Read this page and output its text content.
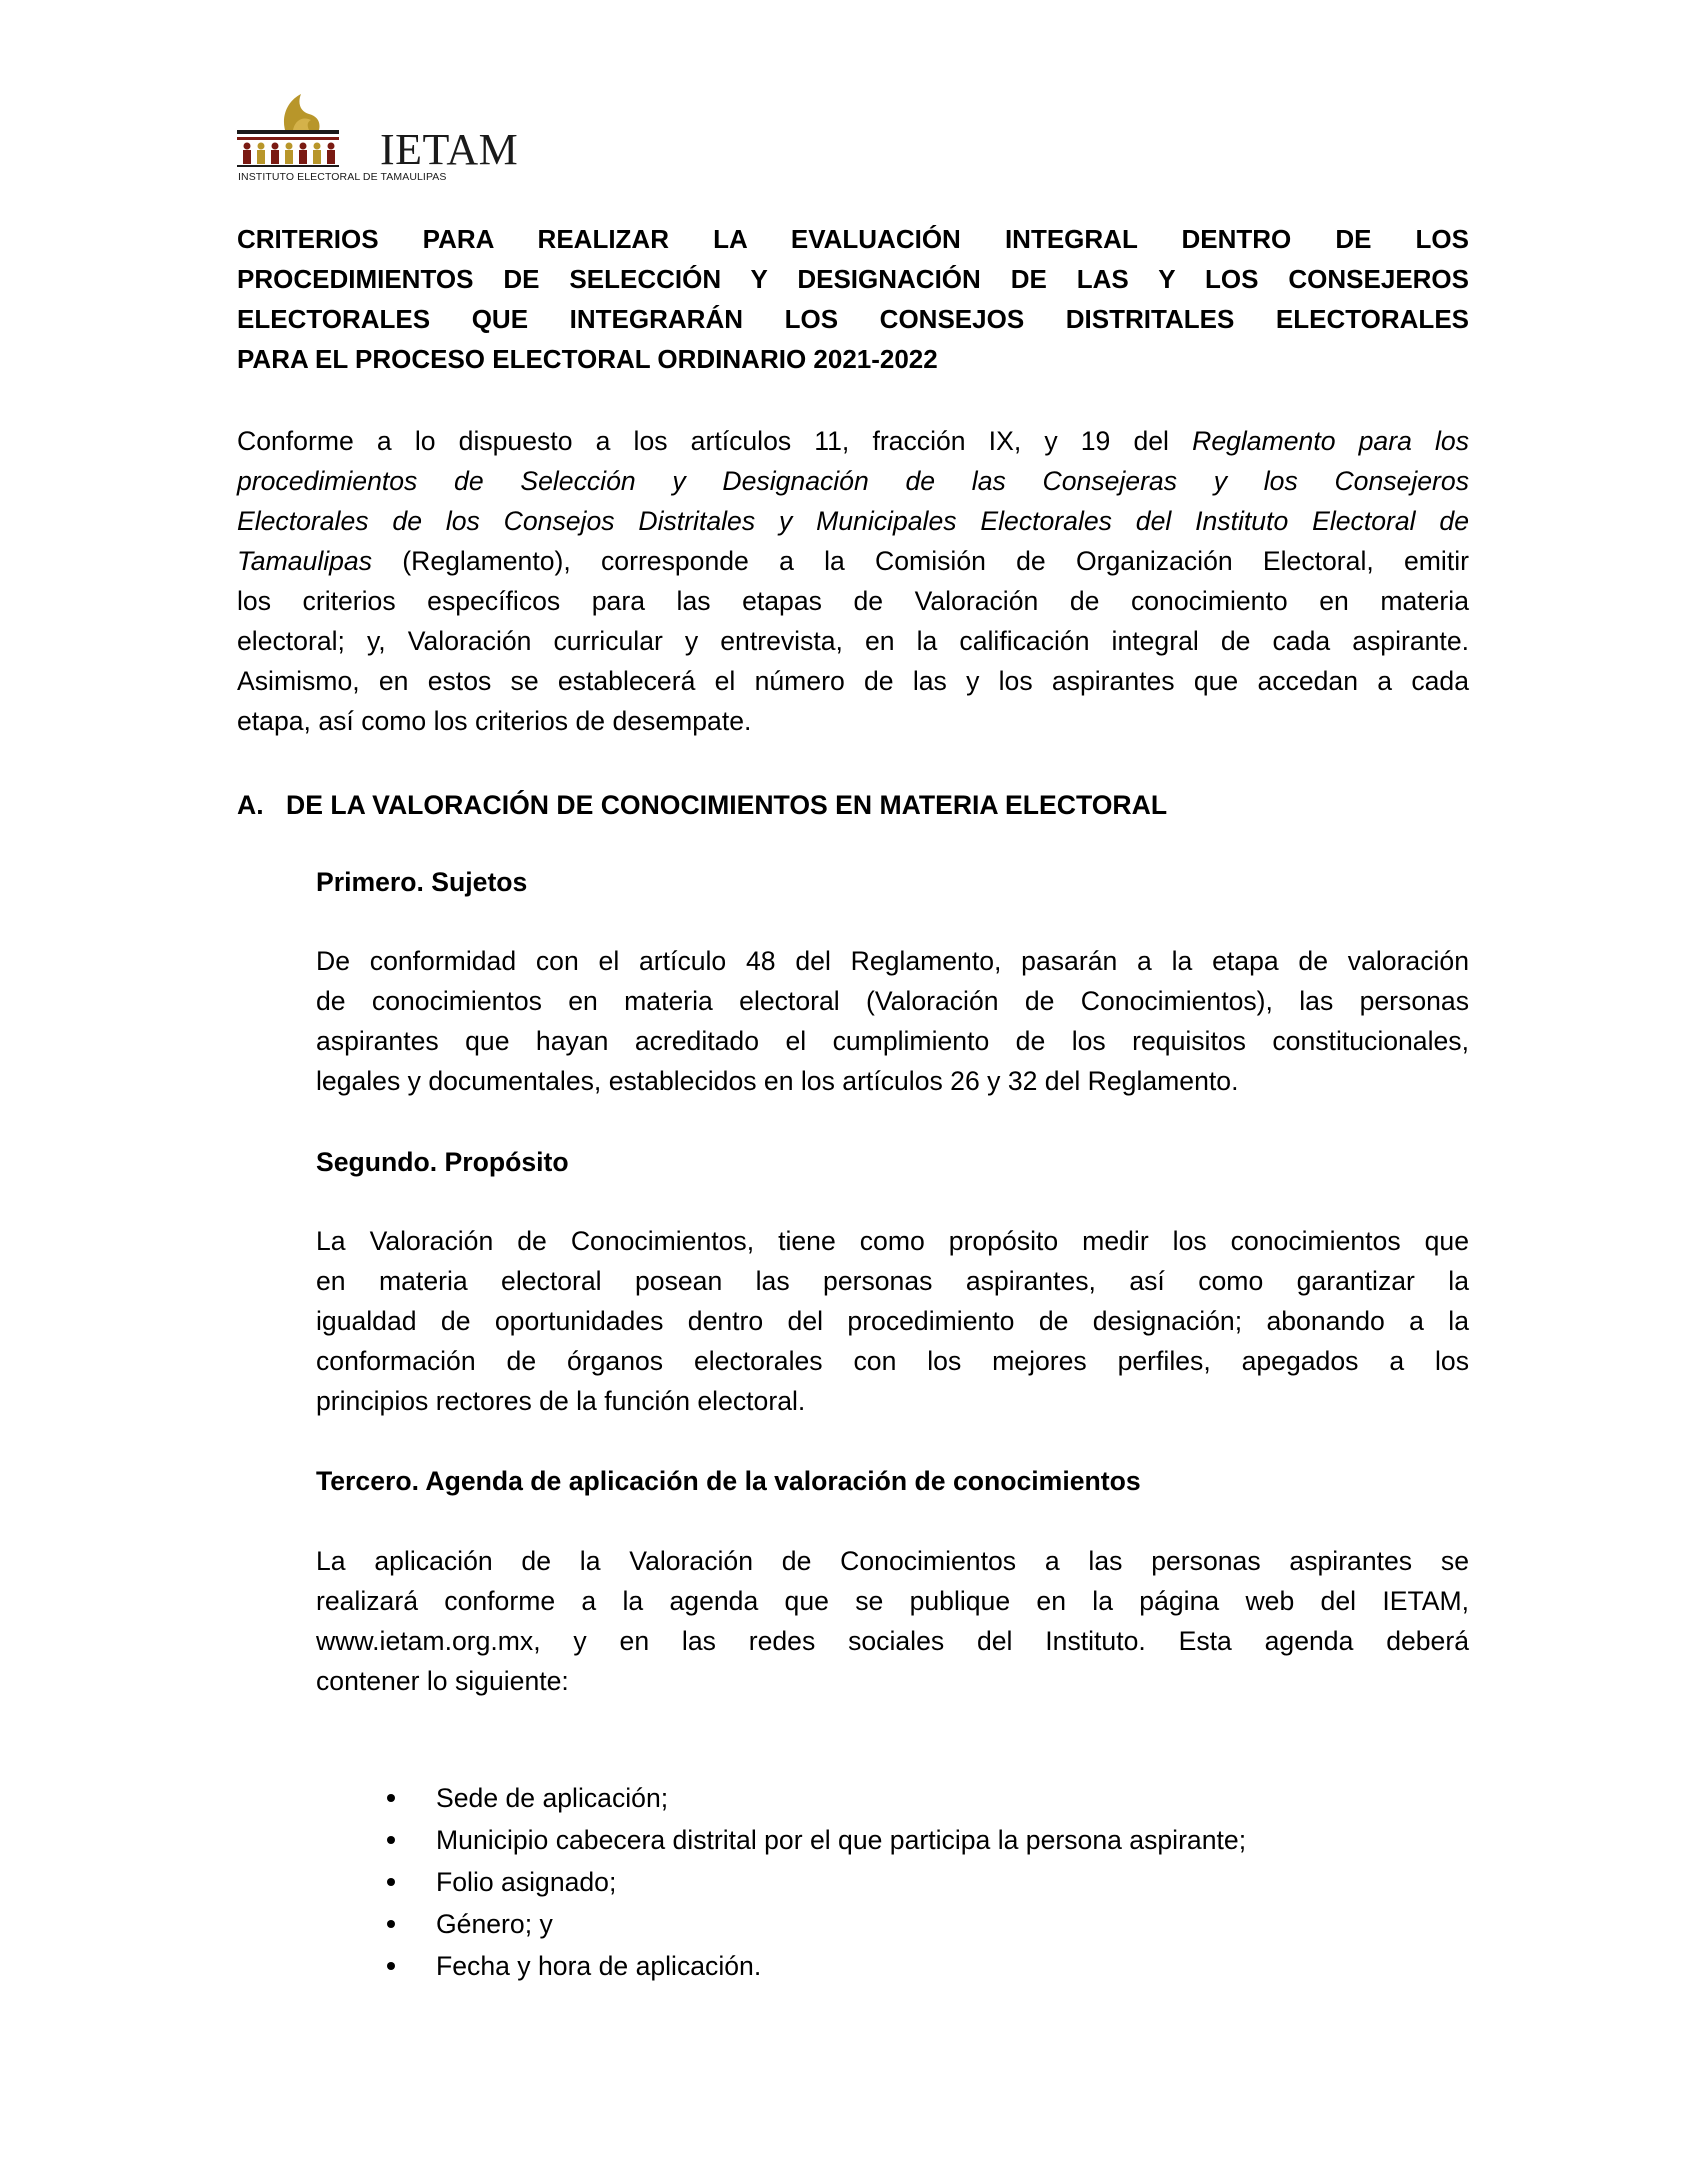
IETAM
INSTITUTO ELECTORAL DE TAMAULIPAS
CRITERIOS PARA REALIZAR LA EVALUACIÓN INTEGRAL DENTRO DE LOS
PROCEDIMIENTOS DE SELECCIÓN Y DESIGNACIÓN DE LAS Y LOS CONSEJEROS
ELECTORALES QUE INTEGRARÁN LOS CONSEJOS DISTRITALES ELECTORALES
PARA EL PROCESO ELECTORAL ORDINARIO 2021-2022
Conforme a lo dispuesto a los artículos 11, fracción IX, y 19 del Reglamento para los
procedimientos de Selección y Designación de las Consejeras y los Consejeros
Electorales de los Consejos Distritales y Municipales Electorales del Instituto Electoral de
Tamaulipas (Reglamento), corresponde a la Comisión de Organización Electoral, emitir
los criterios específicos para las etapas de Valoración de conocimiento en materia
electoral; y, Valoración curricular y entrevista, en la calificación integral de cada aspirante.
Asimismo, en estos se establecerá el número de las y los aspirantes que accedan a cada
etapa, así como los criterios de desempate.
A. DE LA VALORACIÓN DE CONOCIMIENTOS EN MATERIA ELECTORAL
Primero. Sujetos
De conformidad con el artículo 48 del Reglamento, pasarán a la etapa de valoración
de conocimientos en materia electoral (Valoración de Conocimientos), las personas
aspirantes que hayan acreditado el cumplimiento de los requisitos constitucionales,
legales y documentales, establecidos en los artículos 26 y 32 del Reglamento.
Segundo. Propósito
La Valoración de Conocimientos, tiene como propósito medir los conocimientos que
en materia electoral posean las personas aspirantes, así como garantizar la
igualdad de oportunidades dentro del procedimiento de designación; abonando a la
conformación de órganos electorales con los mejores perfiles, apegados a los
principios rectores de la función electoral.
Tercero. Agenda de aplicación de la valoración de conocimientos
La aplicación de la Valoración de Conocimientos a las personas aspirantes se
realizará conforme a la agenda que se publique en la página web del IETAM,
www.ietam.org.mx, y en las redes sociales del Instituto. Esta agenda deberá
contener lo siguiente:
Sede de aplicación;
Municipio cabecera distrital por el que participa la persona aspirante;
Folio asignado;
Género; y
Fecha y hora de aplicación.
